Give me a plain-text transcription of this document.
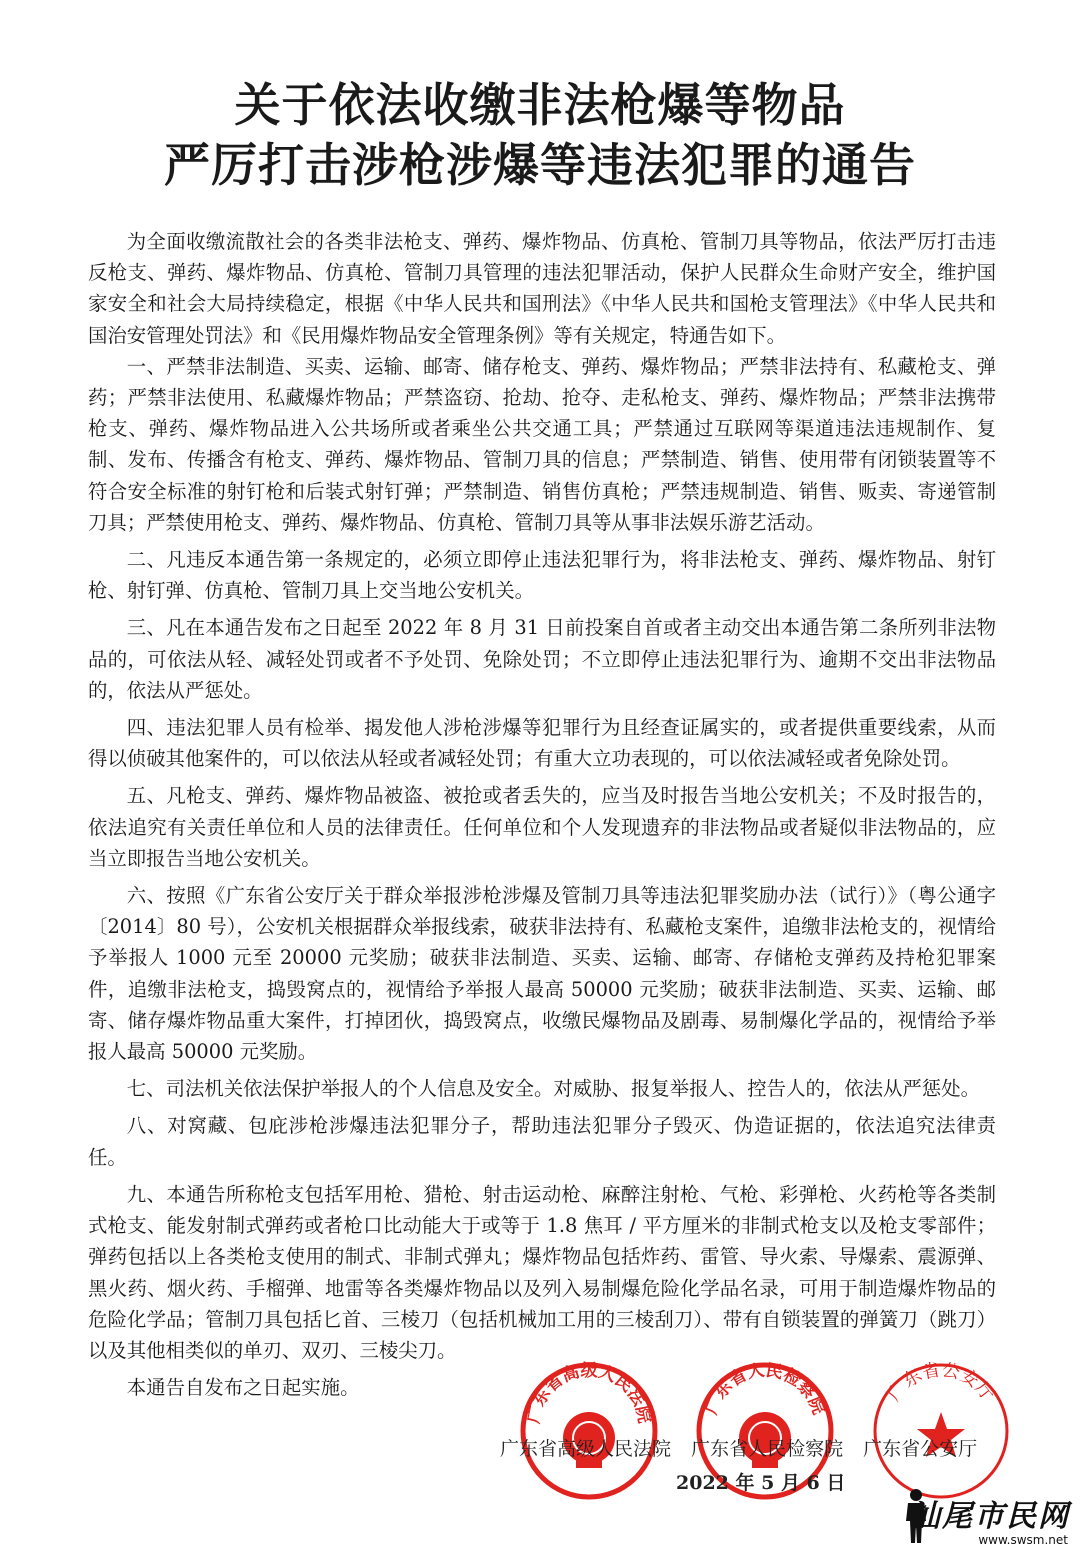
关于依法收缴非法枪爆等物品
严厉打击涉枪涉爆等违法犯罪的通告

为全面收缴流散社会的各类非法枪支、弹药、爆炸物品、仿真枪、管制刀具等物品，依法严厉打击违反枪支、弹药、爆炸物品、仿真枪、管制刀具管理的违法犯罪活动，保护人民群众生命财产安全，维护国家安全和社会大局持续稳定，根据《中华人民共和国刑法》《中华人民共和国枪支管理法》《中华人民共和国治安管理处罚法》和《民用爆炸物品安全管理条例》等有关规定，特通告如下。

一、严禁非法制造、买卖、运输、邮寄、储存枪支、弹药、爆炸物品；严禁非法持有、私藏枪支、弹药；严禁非法使用、私藏爆炸物品；严禁盗窃、抢劫、抢夺、走私枪支、弹药、爆炸物品；严禁非法携带枪支、弹药、爆炸物品进入公共场所或者乘坐公共交通工具；严禁通过互联网等渠道违法违规制作、复制、发布、传播含有枪支、弹药、爆炸物品、管制刀具的信息；严禁制造、销售、使用带有闭锁装置等不符合安全标准的射钉枪和后装式射钉弹；严禁制造、销售仿真枪；严禁违规制造、销售、贩卖、寄递管制刀具；严禁使用枪支、弹药、爆炸物品、仿真枪、管制刀具等从事非法娱乐游艺活动。

二、凡违反本通告第一条规定的，必须立即停止违法犯罪行为，将非法枪支、弹药、爆炸物品、射钉枪、射钉弹、仿真枪、管制刀具上交当地公安机关。

三、凡在本通告发布之日起至 2022 年 8 月 31 日前投案自首或者主动交出本通告第二条所列非法物品的，可依法从轻、减轻处罚或者不予处罚、免除处罚；不立即停止违法犯罪行为、逾期不交出非法物品的，依法从严惩处。

四、违法犯罪人员有检举、揭发他人涉枪涉爆等犯罪行为且经查证属实的，或者提供重要线索，从而得以侦破其他案件的，可以依法从轻或者减轻处罚；有重大立功表现的，可以依法减轻或者免除处罚。

五、凡枪支、弹药、爆炸物品被盗、被抢或者丢失的，应当及时报告当地公安机关；不及时报告的，依法追究有关责任单位和人员的法律责任。任何单位和个人发现遗弃的非法物品或者疑似非法物品的，应当立即报告当地公安机关。

六、按照《广东省公安厅关于群众举报涉枪涉爆及管制刀具等违法犯罪奖励办法（试行）》（粤公通字〔2014〕80 号），公安机关根据群众举报线索，破获非法持有、私藏枪支案件，追缴非法枪支的，视情给予举报人 1000 元至 20000 元奖励；破获非法制造、买卖、运输、邮寄、存储枪支弹药及持枪犯罪案件，追缴非法枪支，捣毁窝点的，视情给予举报人最高 50000 元奖励；破获非法制造、买卖、运输、邮寄、储存爆炸物品重大案件，打掉团伙，捣毁窝点，收缴民爆物品及剧毒、易制爆化学品的，视情给予举报人最高 50000 元奖励。

七、司法机关依法保护举报人的个人信息及安全。对威胁、报复举报人、控告人的，依法从严惩处。

八、对窝藏、包庇涉枪涉爆违法犯罪分子，帮助违法犯罪分子毁灭、伪造证据的，依法追究法律责任。

九、本通告所称枪支包括军用枪、猎枪、射击运动枪、麻醉注射枪、气枪、彩弹枪、火药枪等各类制式枪支、能发射制式弹药或者枪口比动能大于或等于 1.8 焦耳 / 平方厘米的非制式枪支以及枪支零部件；弹药包括以上各类枪支使用的制式、非制式弹丸；爆炸物品包括炸药、雷管、导火索、导爆索、震源弹、黑火药、烟火药、手榴弹、地雷等各类爆炸物品以及列入易制爆危险化学品名录，可用于制造爆炸物品的危险化学品；管制刀具包括匕首、三棱刀（包括机械加工用的三棱刮刀）、带有自锁装置的弹簧刀（跳刀）以及其他相类似的单刃、双刃、三棱尖刀。

本通告自发布之日起实施。

广东省高级人民法院	广东省人民检察院
广东省公安厅
广东省高级人民法院 广东省人民检察院 广东省公安厅
2022 年 5 月 6 日
汕尾市民网
www.swsm.net
